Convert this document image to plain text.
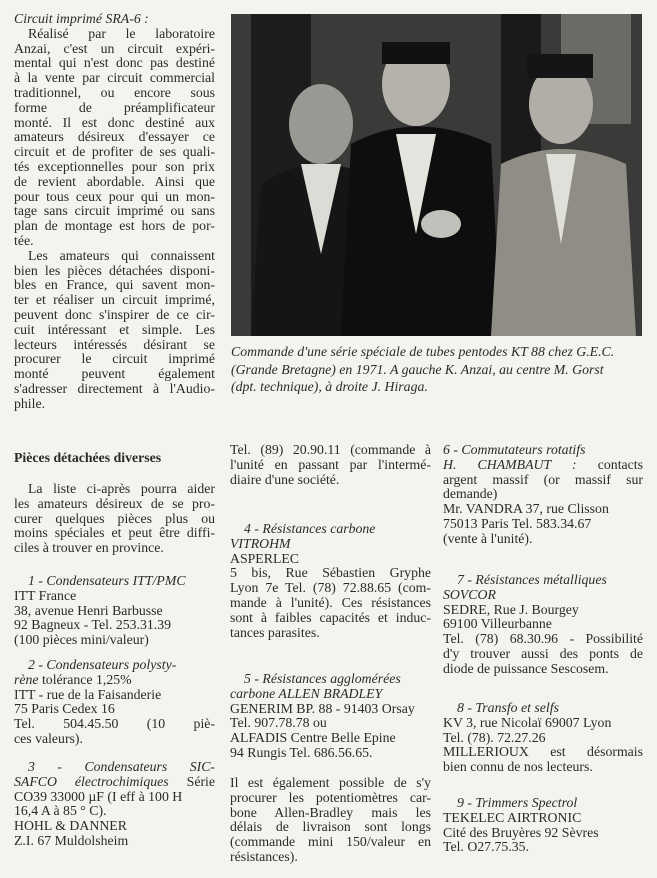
Circuit imprimé SRA-6 :
Réalisé par le laboratoire
Anzai, c'est un circuit expéri-
mental qui n'est donc pas destiné
à la vente par circuit commercial
traditionnel, ou encore sous
forme de préamplificateur
monté. Il est donc destiné aux
amateurs désireux d'essayer ce
circuit et de profiter de ses quali-
tés exceptionnelles pour son prix
de revient abordable. Ainsi que
pour tous ceux pour qui un mon-
tage sans circuit imprimé ou sans
plan de montage est hors de por-
tée.
Les amateurs qui connaissent
bien les pièces détachées disponi-
bles en France, qui savent mon-
ter et réaliser un circuit imprimé,
peuvent donc s'inspirer de ce cir-
cuit intéressant et simple. Les
lecteurs intéressés désirant se
procurer le circuit imprimé
monté peuvent également
s'adresser directement à l'Audio-
phile.
Commande d'une série spéciale de tubes pentodes KT 88 chez G.E.C.
(Grande Bretagne) en 1971. A gauche K. Anzai, au centre M. Gorst
(dpt. technique), à droite J. Hiraga.
Pièces détachées diverses
La liste ci-après pourra aider
les amateurs désireux de se pro-
curer quelques pièces plus ou
moins spéciales et peut être diffi-
ciles à trouver en province.
1 - Condensateurs ITT/PMC
ITT France
38, avenue Henri Barbusse
92 Bagneux - Tel. 253.31.39
(100 pièces mini/valeur)
2 - Condensateurs polysty-
rène tolérance 1,25%
ITT - rue de la Faisanderie
75 Paris Cedex 16
Tel. 504.45.50 (10 piè-
ces valeurs).
3 - Condensateurs SIC-
SAFCO électrochimiques Série
CO39 33000 µF (I eff à 100 H
16,4 A à 85 ° C).
HOHL & DANNER
Z.I. 67 Muldolsheim
Tel. (89) 20.90.11 (commande à
l'unité en passant par l'intermé-
diaire d'une société.
4 - Résistances carbone
VITROHM
ASPERLEC
5 bis, Rue Sébastien Gryphe
Lyon 7e Tel. (78) 72.88.65 (com-
mande à l'unité). Ces résistances
sont à faibles capacités et induc-
tances parasites.
5 - Résistances agglomérées
carbone ALLEN BRADLEY
GENERIM BP. 88 - 91403 Orsay
Tel. 907.78.78 ou
ALFADIS Centre Belle Epine
94 Rungis Tel. 686.56.65.
Il est également possible de s'y
procurer les potentiomètres car-
bone Allen-Bradley mais les
délais de livraison sont longs
(commande mini 150/valeur en
résistances).
6 - Commutateurs rotatifs
H. CHAMBAUT : contacts
argent massif (or massif sur
demande)
Mr. VANDRA 37, rue Clisson
75013 Paris Tel. 583.34.67
(vente à l'unité).
7 - Résistances métalliques
SOVCOR
SEDRE, Rue J. Bourgey
69100 Villeurbanne
Tel. (78) 68.30.96 - Possibilité
d'y trouver aussi des ponts de
diode de puissance Sescosem.
8 - Transfo et selfs
KV 3, rue Nicolaï 69007 Lyon
Tel. (78). 72.27.26
MILLERIOUX est désormais
bien connu de nos lecteurs.
9 - Trimmers Spectrol
TEKELEC AIRTRONIC
Cité des Bruyères 92 Sèvres
Tel. O27.75.35.
